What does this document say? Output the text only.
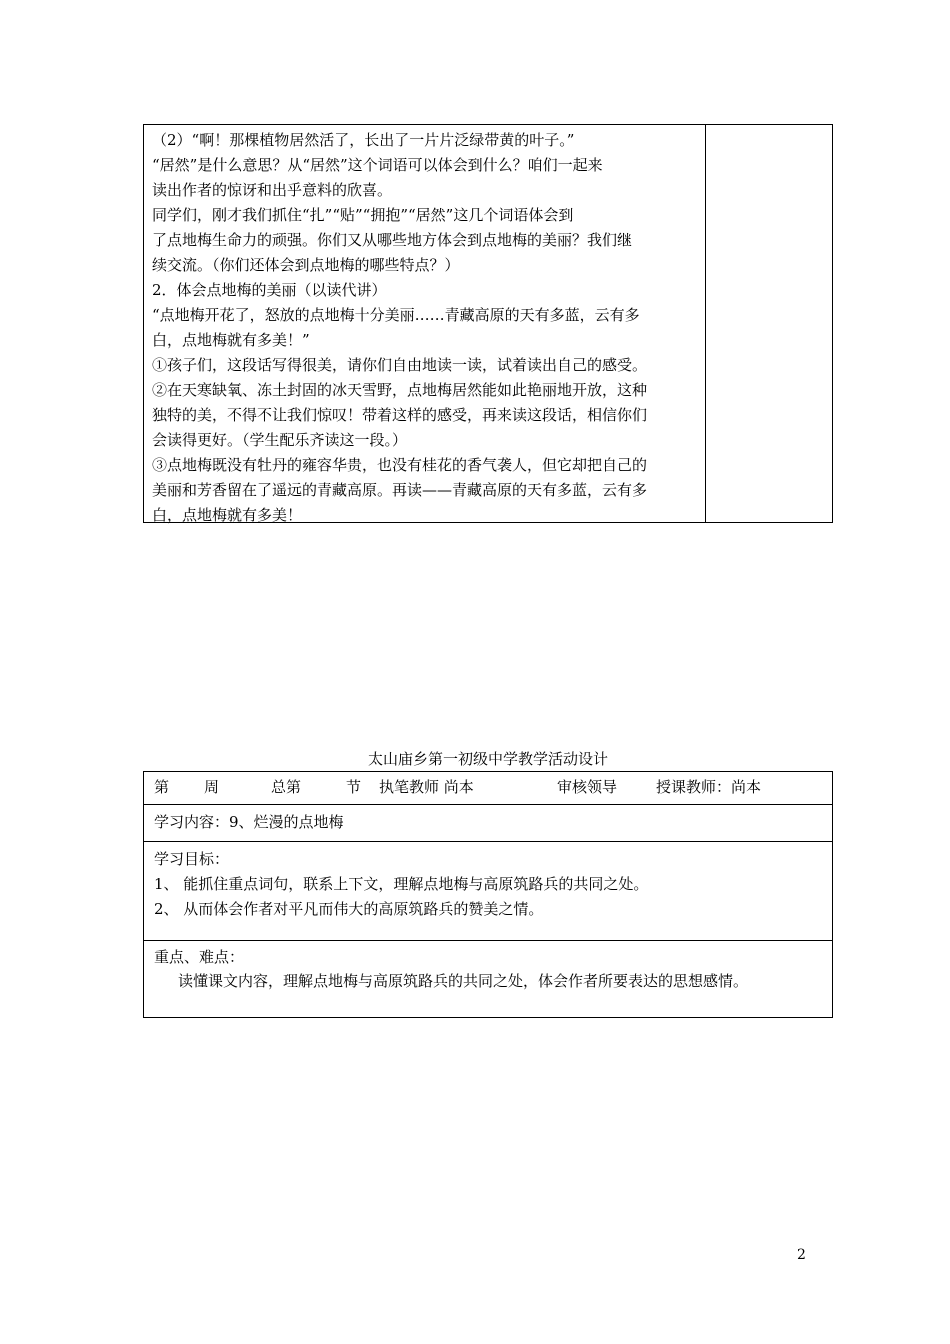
（2）“啊！那棵植物居然活了，长出了一片片泛绿带黄的叶子。”
“居然”是什么意思？从“居然”这个词语可以体会到什么？咱们一起来
读出作者的惊讶和出乎意料的欣喜。
同学们，刚才我们抓住“扎”“贴”“拥抱”“居然”这几个词语体会到
了点地梅生命力的顽强。你们又从哪些地方体会到点地梅的美丽？我们继
续交流。（你们还体会到点地梅的哪些特点？）
2．体会点地梅的美丽（以读代讲）
“点地梅开花了，怒放的点地梅十分美丽……青藏高原的天有多蓝，云有多
白，点地梅就有多美！”
①孩子们，这段话写得很美，请你们自由地读一读，试着读出自己的感受。
②在天寒缺氧、冻土封固的冰天雪野，点地梅居然能如此艳丽地开放，这种
独特的美，不得不让我们惊叹！带着这样的感受，再来读这段话，相信你们
会读得更好。（学生配乐齐读这一段。）
③点地梅既没有牡丹的雍容华贵，也没有桂花的香气袭人，但它却把自己的
美丽和芳香留在了遥远的青藏高原。再读——青藏高原的天有多蓝，云有多
白，点地梅就有多美！
太山庙乡第一初级中学教学活动设计
第 周	总第	节 执笔教师 尚本	审核领导	授课教师：尚本
学习内容：9、烂漫的点地梅
学习目标：
1、 能抓住重点词句，联系上下文，理解点地梅与高原筑路兵的共同之处。
2、 从而体会作者对平凡而伟大的高原筑路兵的赞美之情。
重点、难点：
读懂课文内容，理解点地梅与高原筑路兵的共同之处，体会作者所要表达的思想感情。
2
